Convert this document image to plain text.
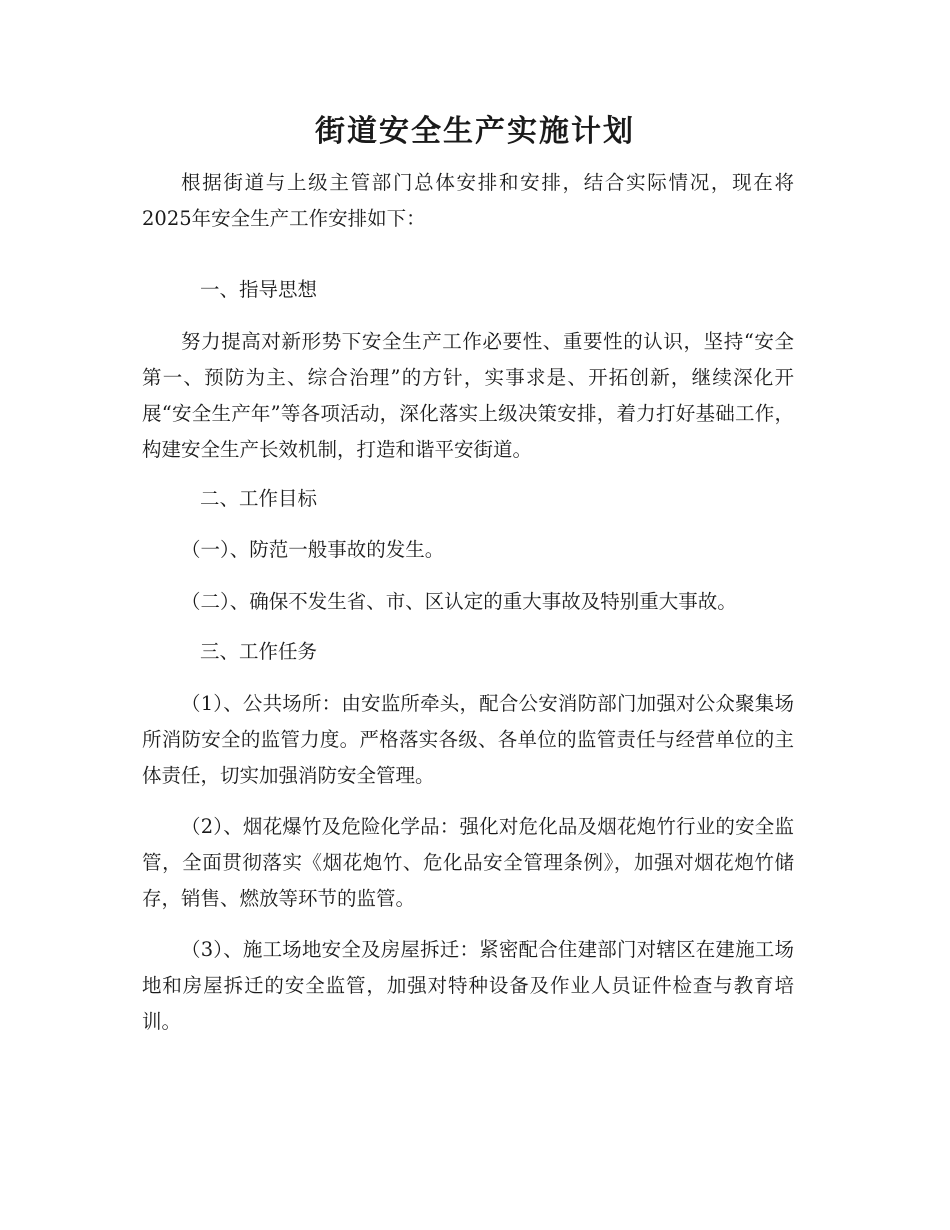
街道安全生产实施计划

根据街道与上级主管部门总体安排和安排，结合实际情况，现在将2025年安全生产工作安排如下：

一、指导思想

努力提高对新形势下安全生产工作必要性、重要性的认识，坚持“安全第一、预防为主、综合治理”的方针，实事求是、开拓创新，继续深化开展“安全生产年”等各项活动，深化落实上级决策安排，着力打好基础工作，构建安全生产长效机制，打造和谐平安街道。

二、工作目标

（一）、防范一般事故的发生。

（二）、确保不发生省、市、区认定的重大事故及特别重大事故。

三、工作任务

（1）、公共场所：由安监所牵头，配合公安消防部门加强对公众聚集场所消防安全的监管力度。严格落实各级、各单位的监管责任与经营单位的主体责任，切实加强消防安全管理。

（2）、烟花爆竹及危险化学品：强化对危化品及烟花炮竹行业的安全监管，全面贯彻落实《烟花炮竹、危化品安全管理条例》，加强对烟花炮竹储存，销售、燃放等环节的监管。

（3）、施工场地安全及房屋拆迁：紧密配合住建部门对辖区在建施工场地和房屋拆迁的安全监管，加强对特种设备及作业人员证件检查与教育培训。
